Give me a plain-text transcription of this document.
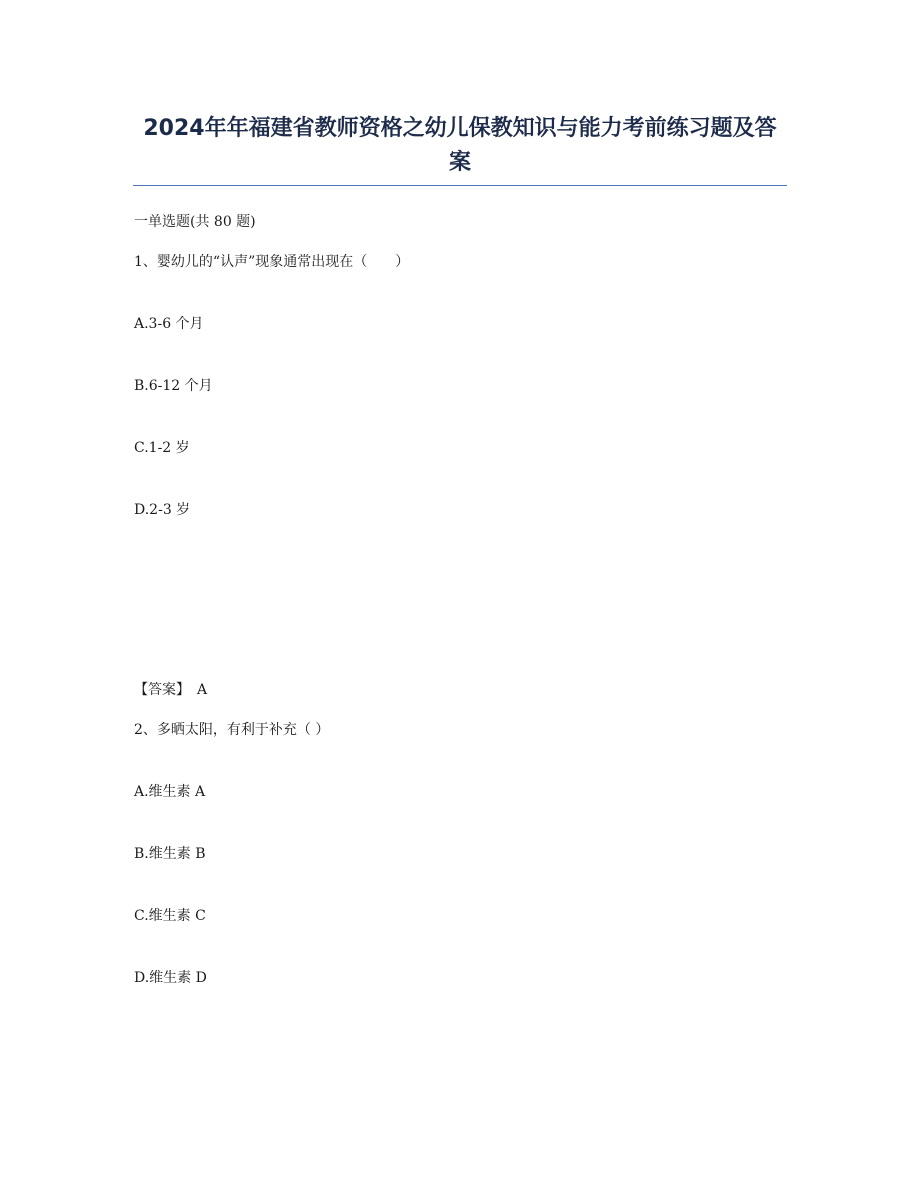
2024年年福建省教师资格之幼儿保教知识与能力考前练习题及答案

一单选题(共 80 题)

1、婴幼儿的“认声”现象通常出现在（　　）

A.3-6 个月

B.6-12 个月

C.1-2 岁

D.2-3 岁

【答案】　A

2、多晒太阳，有利于补充（ ）

A.维生素 A

B.维生素 B

C.维生素 C

D.维生素 D
